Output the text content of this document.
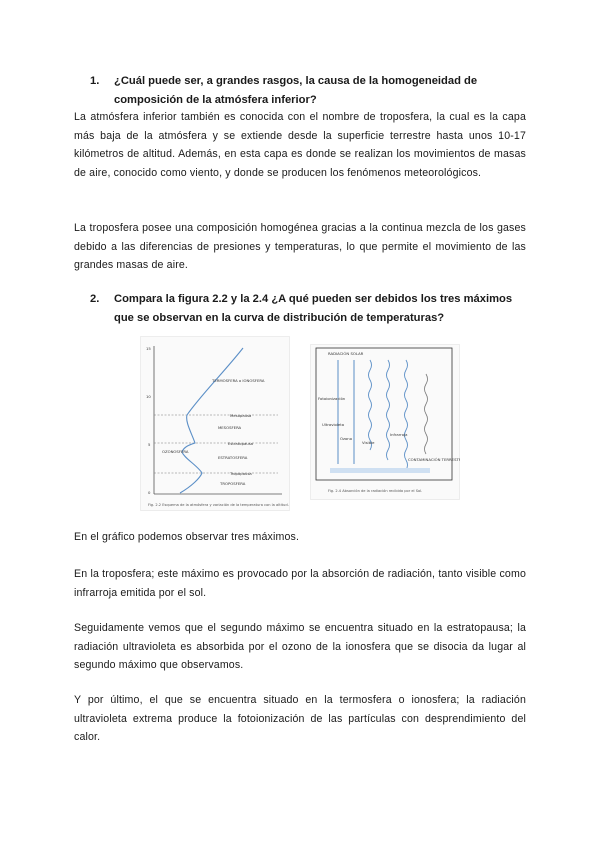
1.	¿Cuál puede ser, a grandes rasgos, la causa de la homogeneidad de composición de la atmósfera inferior?
La atmósfera inferior también es conocida con el nombre de troposfera, la cual es la capa más baja de la atmósfera y se extiende desde la superficie terrestre hasta unos 10-17 kilómetros de altitud. Además, en esta capa es donde se realizan los movimientos de masas de aire, conocido como viento, y donde se producen los fenómenos meteorológicos.
La troposfera posee una composición homogénea gracias a la continua mezcla de los gases debido a las diferencias de presiones y temperaturas, lo que permite el movimiento de las grandes masas de aire.
2.	Compara la figura 2.2 y la 2.4 ¿A qué pueden ser debidos los tres máximos que se observan en la curva de distribución de temperaturas?
15
10
5
0
TERMOSFERA o IONOSFERA
Mesopausa
MESOSFERA
Estratopausa
OZONOSFERA
ESTRATOSFERA
Tropopausa
TROPOSFERA
Fig. 2.2 Esquema de la atmósfera y variación de la temperatura con la altitud.
RADIACIÓN SOLAR
Fotoionización
Ultravioleta
Visible
Infrarroja
Ozono
CONTAMINACIÓN TERRESTRE
Fig. 2.4 Absorción de la radiación recibida por el Sol.
En el gráfico podemos observar tres máximos.
En la troposfera; este máximo es provocado por la absorción de radiación, tanto visible como infrarroja emitida por el sol.
Seguidamente vemos que el segundo máximo se encuentra situado en la estratopausa; la radiación ultravioleta es absorbida por el ozono de la ionosfera que se disocia da lugar al segundo máximo que observamos.
Y por último, el que se encuentra situado en la termosfera o ionosfera; la radiación ultravioleta extrema produce la fotoionización de las partículas con desprendimiento del calor.
